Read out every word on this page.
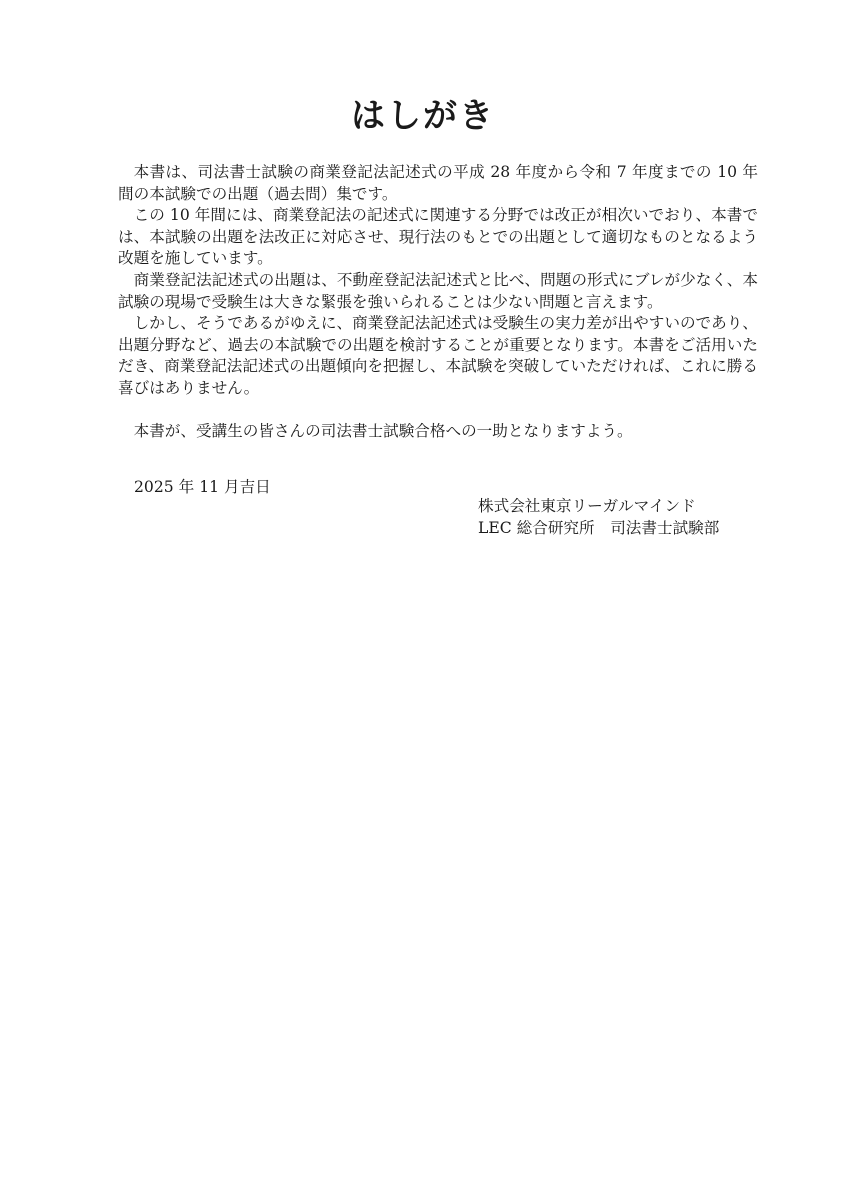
はしがき

本書は、司法書士試験の商業登記法記述式の平成 28 年度から令和 7 年度までの 10 年間の本試験での出題（過去問）集です。

この 10 年間には、商業登記法の記述式に関連する分野では改正が相次いでおり、本書では、本試験の出題を法改正に対応させ、現行法のもとでの出題として適切なものとなるよう改題を施しています。

商業登記法記述式の出題は、不動産登記法記述式と比べ、問題の形式にブレが少なく、本試験の現場で受験生は大きな緊張を強いられることは少ない問題と言えます。

しかし、そうであるがゆえに、商業登記法記述式は受験生の実力差が出やすいのであり、出題分野など、過去の本試験での出題を検討することが重要となります。本書をご活用いただき、商業登記法記述式の出題傾向を把握し、本試験を突破していただければ、これに勝る喜びはありません。

本書が、受講生の皆さんの司法書士試験合格への一助となりますよう。

2025 年 11 月吉日
株式会社東京リーガルマインド
LEC 総合研究所　司法書士試験部
